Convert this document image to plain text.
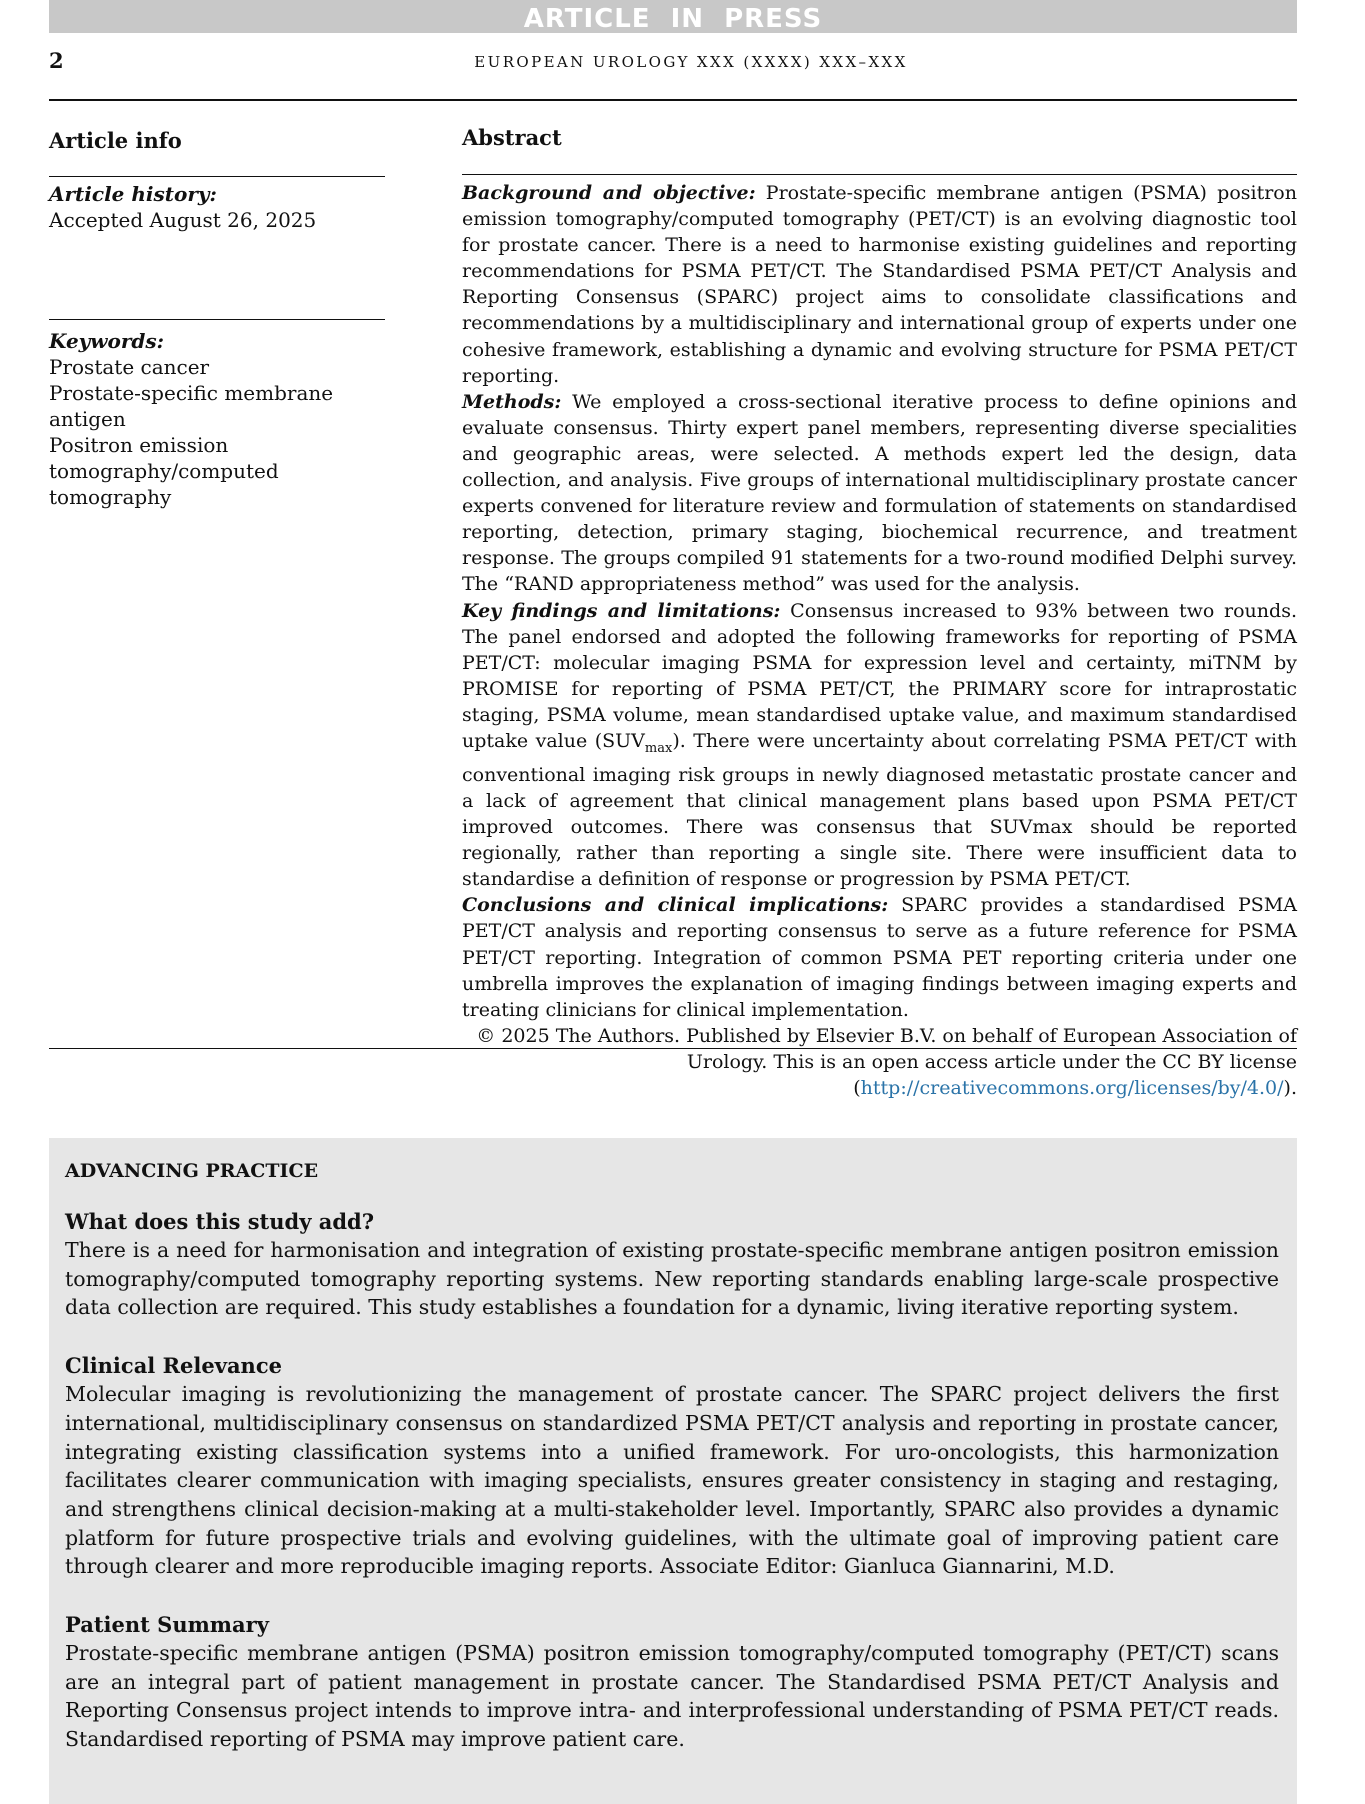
ARTICLE IN PRESS
2	EUROPEAN UROLOGY XXX (XXXX) XXX–XXX
Article info
Article history:
Accepted August 26, 2025
Keywords:
Prostate cancer
Prostate-specific membrane antigen
Positron emission tomography/computed tomography
Abstract

Background and objective: Prostate-specific membrane antigen (PSMA) positron emission tomography/computed tomography (PET/CT) is an evolving diagnostic tool for prostate cancer. There is a need to harmonise existing guidelines and reporting recommendations for PSMA PET/CT. The Standardised PSMA PET/CT Analysis and Reporting Consensus (SPARC) project aims to consolidate classifications and recommendations by a multidisciplinary and international group of experts under one cohesive framework, establishing a dynamic and evolving structure for PSMA PET/CT reporting.

Methods: We employed a cross-sectional iterative process to define opinions and evaluate consensus. Thirty expert panel members, representing diverse specialities and geographic areas, were selected. A methods expert led the design, data collection, and analysis. Five groups of international multidisciplinary prostate cancer experts convened for literature review and formulation of statements on standardised reporting, detection, primary staging, biochemical recurrence, and treatment response. The groups compiled 91 statements for a two-round modified Delphi survey. The “RAND appropriateness method” was used for the analysis.

Key findings and limitations: Consensus increased to 93% between two rounds. The panel endorsed and adopted the following frameworks for reporting of PSMA PET/CT: molecular imaging PSMA for expression level and certainty, miTNM by PROMISE for reporting of PSMA PET/CT, the PRIMARY score for intraprostatic staging, PSMA volume, mean standardised uptake value, and maximum standardised uptake value $(SUV_{max})$. There were uncertainty about correlating PSMA PET/CT with conventional imaging risk groups in newly diagnosed metastatic prostate cancer and a lack of agreement that clinical management plans based upon PSMA PET/CT improved outcomes. There was consensus that SUVmax should be reported regionally, rather than reporting a single site. There were insufficient data to standardise a definition of response or progression by PSMA PET/CT.

Conclusions and clinical implications: SPARC provides a standardised PSMA PET/CT analysis and reporting consensus to serve as a future reference for PSMA PET/CT reporting. Integration of common PSMA PET reporting criteria under one umbrella improves the explanation of imaging findings between imaging experts and treating clinicians for clinical implementation.

© 2025 The Authors. Published by Elsevier B.V. on behalf of European Association of Urology. This is an open access article under the CC BY license (http://creativecommons.org/licenses/by/4.0/).

ADVANCING PRACTICE
What does this study add?

There is a need for harmonisation and integration of existing prostate-specific membrane antigen positron emission tomography/computed tomography reporting systems. New reporting standards enabling large-scale prospective data collection are required. This study establishes a foundation for a dynamic, living iterative reporting system.

Clinical Relevance

Molecular imaging is revolutionizing the management of prostate cancer. The SPARC project delivers the first international, multidisciplinary consensus on standardized PSMA PET/CT analysis and reporting in prostate cancer, integrating existing classification systems into a unified framework. For uro-oncologists, this harmonization facilitates clearer communication with imaging specialists, ensures greater consistency in staging and restaging, and strengthens clinical decision-making at a multi-stakeholder level. Importantly, SPARC also provides a dynamic platform for future prospective trials and evolving guidelines, with the ultimate goal of improving patient care through clearer and more reproducible imaging reports. Associate Editor: Gianluca Giannarini, M.D.

Patient Summary

Prostate-specific membrane antigen (PSMA) positron emission tomography/computed tomography (PET/CT) scans are an integral part of patient management in prostate cancer. The Standardised PSMA PET/CT Analysis and Reporting Consensus project intends to improve intra- and interprofessional understanding of PSMA PET/CT reads. Standardised reporting of PSMA may improve patient care.
